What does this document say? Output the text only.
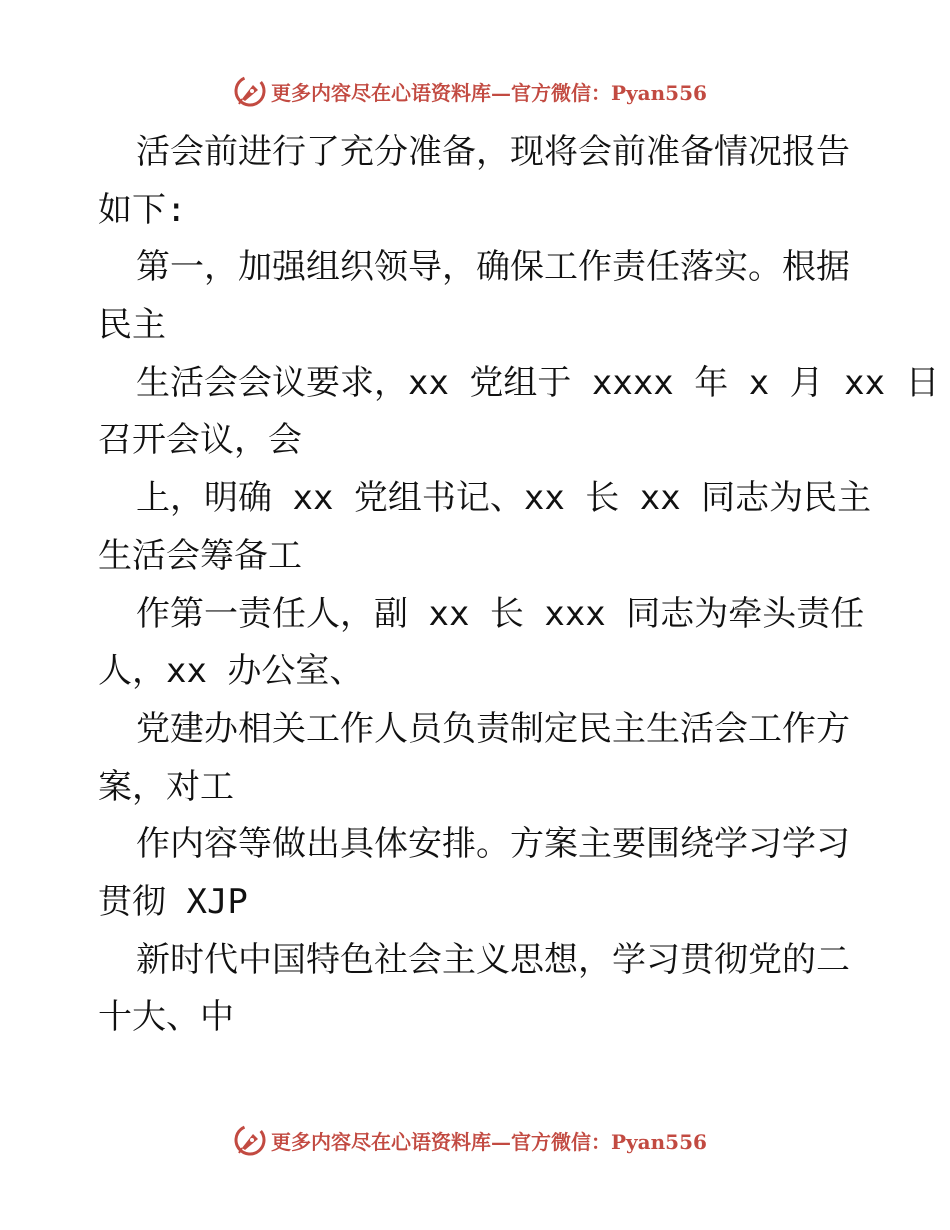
更多内容尽在心语资料库—官方微信：Pyan556
活会前进行了充分准备，现将会前准备情况报告
如下:
第一，加强组织领导，确保工作责任落实。根据
民主
生活会会议要求，xx 党组于 xxxx 年 x 月 xx 日
召开会议，会
上，明确 xx 党组书记、xx 长 xx 同志为民主
生活会筹备工
作第一责任人，副 xx 长 xxx 同志为牵头责任
人，xx 办公室、
党建办相关工作人员负责制定民主生活会工作方
案，对工
作内容等做出具体安排。方案主要围绕学习学习
贯彻 XJP
新时代中国特色社会主义思想，学习贯彻党的二
十大、中
更多内容尽在心语资料库—官方微信：Pyan556
